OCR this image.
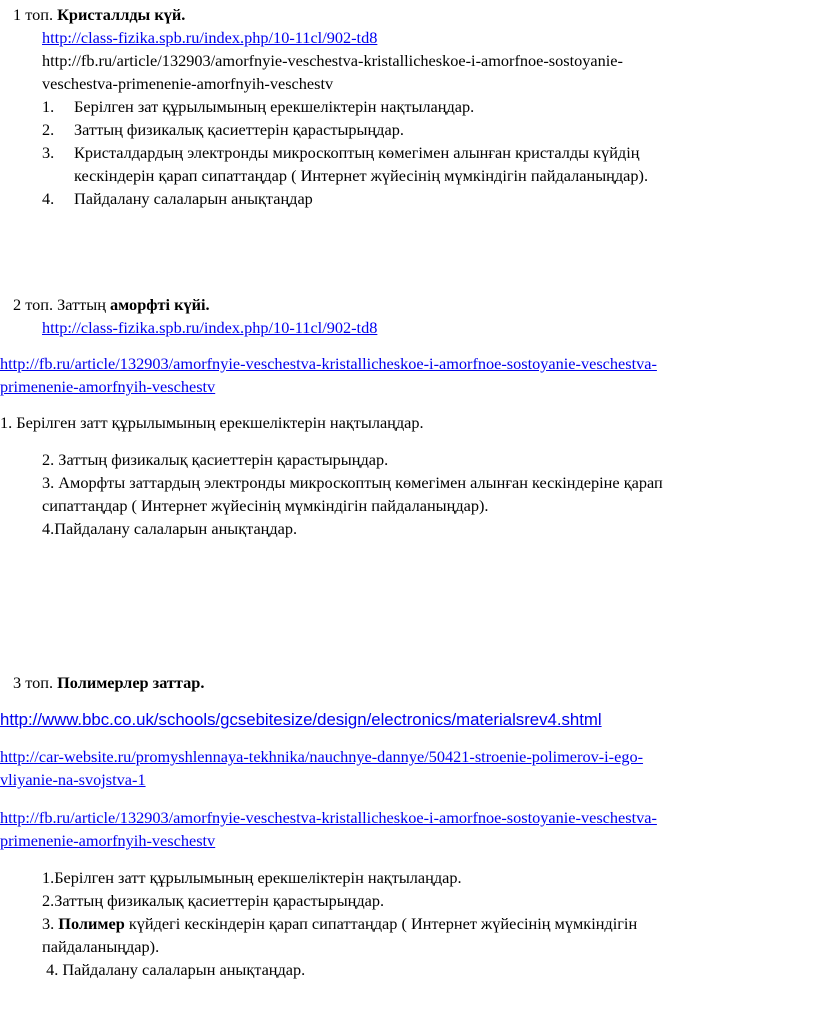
1 топ. Кристаллды күй.
http://class-fizika.spb.ru/index.php/10-11cl/902-td8
http://fb.ru/article/132903/amorfnyie-veschestva-kristallicheskoe-i-amorfnoe-sostoyanie-
veschestva-primenenie-amorfnyih-veschestv
1. Берілген зат құрылымының ерекшеліктерін нақтылаңдар.
2. Заттың физикалық қасиеттерін қарастырыңдар.
3. Кристалдардың электронды микроскоптың көмегімен алынған кристалды күйдің
кескіндерін қарап сипаттаңдар ( Интернет жүйесінің мүмкіндігін пайдаланыңдар).
4. Пайдалану салаларын анықтаңдар
2 топ. Заттың аморфті күйі.
http://class-fizika.spb.ru/index.php/10-11cl/902-td8
http://fb.ru/article/132903/amorfnyie-veschestva-kristallicheskoe-i-amorfnoe-sostoyanie-veschestva-
primenenie-amorfnyih-veschestv
1. Берілген затт құрылымының ерекшеліктерін нақтылаңдар.
2. Заттың физикалық қасиеттерін қарастырыңдар.
3. Аморфты заттардың электронды микроскоптың көмегімен алынған кескіндеріне қарап
сипаттаңдар ( Интернет жүйесінің мүмкіндігін пайдаланыңдар).
4.Пайдалану салаларын анықтаңдар.
3 топ. Полимерлер заттар.
http://www.bbc.co.uk/schools/gcsebitesize/design/electronics/materialsrev4.shtml
http://car-website.ru/promyshlennaya-tekhnika/nauchnye-dannye/50421-stroenie-polimerov-i-ego-
vliyanie-na-svojstva-1
http://fb.ru/article/132903/amorfnyie-veschestva-kristallicheskoe-i-amorfnoe-sostoyanie-veschestva-
primenenie-amorfnyih-veschestv
1.Берілген затт құрылымының ерекшеліктерін нақтылаңдар.
2.Заттың физикалық қасиеттерін қарастырыңдар.
3. Полимер күйдегі кескіндерін қарап сипаттаңдар ( Интернет жүйесінің мүмкіндігін
пайдаланыңдар).
4. Пайдалану салаларын анықтаңдар.
